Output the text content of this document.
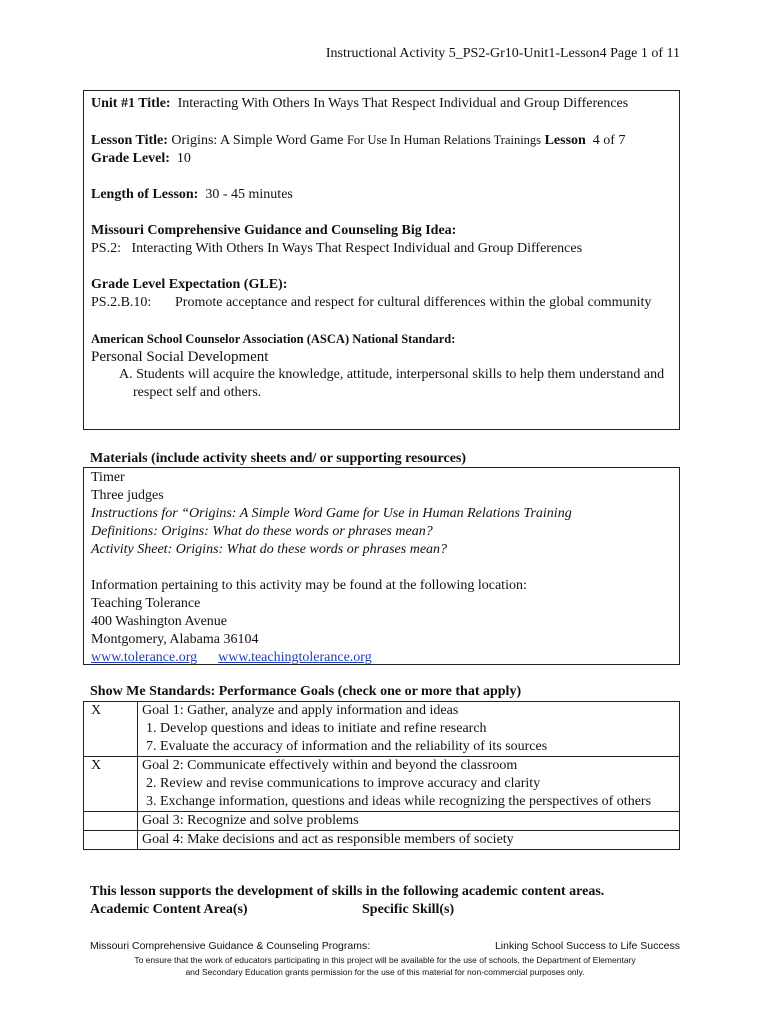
Instructional Activity 5_PS2-Gr10-Unit1-Lesson4 Page 1 of 11

Unit #1 Title: Interacting With Others In Ways That Respect Individual and Group Differences

Lesson Title: Origins: A Simple Word Game For Use In Human Relations Trainings Lesson 4 of 7

Grade Level: 10

Length of Lesson: 30 - 45 minutes

Missouri Comprehensive Guidance and Counseling Big Idea:

PS.2:   Interacting With Others In Ways That Respect Individual and Group Differences

Grade Level Expectation (GLE):

PS.2.B.10:	Promote acceptance and respect for cultural differences within the global community

American School Counselor Association (ASCA) National Standard:

Personal Social Development

A. Students will acquire the knowledge, attitude, interpersonal skills to help them understand and respect self and others.

Materials (include activity sheets and/ or supporting resources)

Timer

Three judges

Instructions for “Origins: A Simple Word Game for Use in Human Relations Training

Definitions: Origins: What do these words or phrases mean?

Activity Sheet: Origins: What do these words or phrases mean?

Information pertaining to this activity may be found at the following location:

Teaching Tolerance

400 Washington Avenue

Montgomery, Alabama 36104

www.tolerance.org www.teachingtolerance.org

Show Me Standards: Performance Goals (check one or more that apply)
X	Goal 1: Gather, analyze and apply information and ideas

1. Develop questions and ideas to initiate and refine research

7. Evaluate the accuracy of information and the reliability of its sources

X	Goal 2: Communicate effectively within and beyond the classroom

2. Review and revise communications to improve accuracy and clarity

3. Exchange information, questions and ideas while recognizing the perspectives of others

	Goal 3: Recognize and solve problems
	Goal 4: Make decisions and act as responsible members of society
This lesson supports the development of skills in the following academic content areas.
Academic Content Area(s)	Specific Skill(s)
Missouri Comprehensive Guidance & Counseling Programs:	Linking School Success to Life Success
To ensure that the work of educators participating in this project will be available for the use of schools, the Department of Elementary
and Secondary Education grants permission for the use of this material for non-commercial purposes only.
